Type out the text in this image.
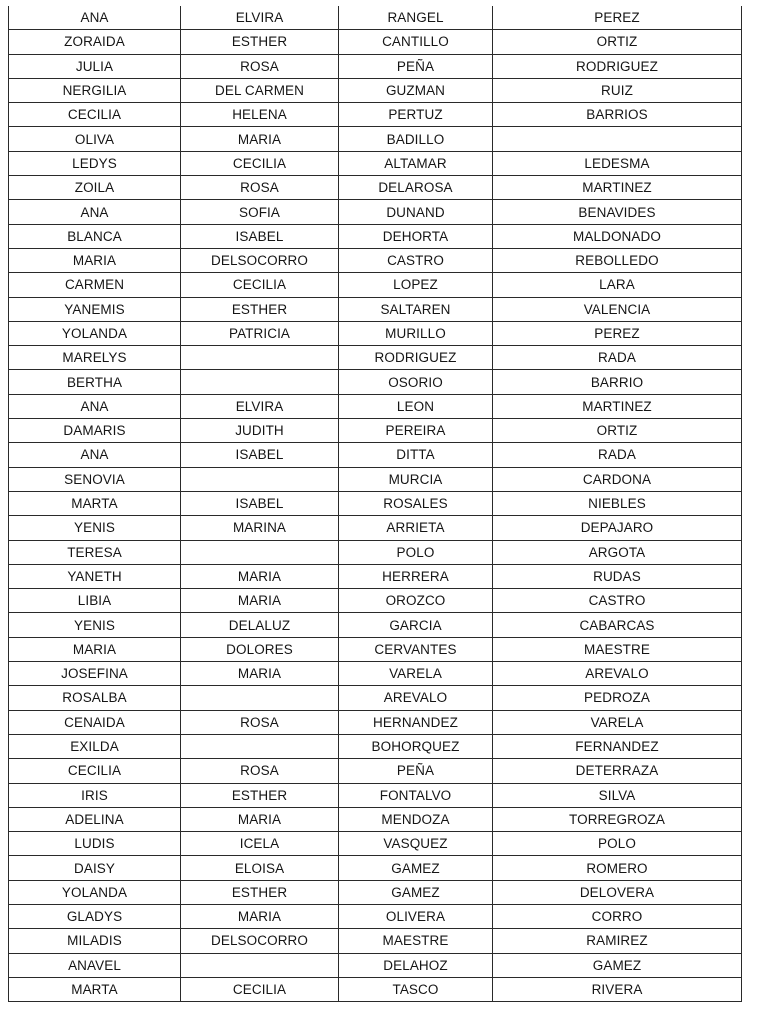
ANA	ELVIRA	RANGEL	PEREZ
ZORAIDA	ESTHER	CANTILLO	ORTIZ
JULIA	ROSA	PEÑA	RODRIGUEZ
NERGILIA	DEL CARMEN	GUZMAN	RUIZ
CECILIA	HELENA	PERTUZ	BARRIOS
OLIVA	MARIA	BADILLO	
LEDYS	CECILIA	ALTAMAR	LEDESMA
ZOILA	ROSA	DELAROSA	MARTINEZ
ANA	SOFIA	DUNAND	BENAVIDES
BLANCA	ISABEL	DEHORTA	MALDONADO
MARIA	DELSOCORRO	CASTRO	REBOLLEDO
CARMEN	CECILIA	LOPEZ	LARA
YANEMIS	ESTHER	SALTAREN	VALENCIA
YOLANDA	PATRICIA	MURILLO	PEREZ
MARELYS		RODRIGUEZ	RADA
BERTHA		OSORIO	BARRIO
ANA	ELVIRA	LEON	MARTINEZ
DAMARIS	JUDITH	PEREIRA	ORTIZ
ANA	ISABEL	DITTA	RADA
SENOVIA		MURCIA	CARDONA
MARTA	ISABEL	ROSALES	NIEBLES
YENIS	MARINA	ARRIETA	DEPAJARO
TERESA		POLO	ARGOTA
YANETH	MARIA	HERRERA	RUDAS
LIBIA	MARIA	OROZCO	CASTRO
YENIS	DELALUZ	GARCIA	CABARCAS
MARIA	DOLORES	CERVANTES	MAESTRE
JOSEFINA	MARIA	VARELA	AREVALO
ROSALBA		AREVALO	PEDROZA
CENAIDA	ROSA	HERNANDEZ	VARELA
EXILDA		BOHORQUEZ	FERNANDEZ
CECILIA	ROSA	PEÑA	DETERRAZA
IRIS	ESTHER	FONTALVO	SILVA
ADELINA	MARIA	MENDOZA	TORREGROZA
LUDIS	ICELA	VASQUEZ	POLO
DAISY	ELOISA	GAMEZ	ROMERO
YOLANDA	ESTHER	GAMEZ	DELOVERA
GLADYS	MARIA	OLIVERA	CORRO
MILADIS	DELSOCORRO	MAESTRE	RAMIREZ
ANAVEL		DELAHOZ	GAMEZ
MARTA	CECILIA	TASCO	RIVERA
